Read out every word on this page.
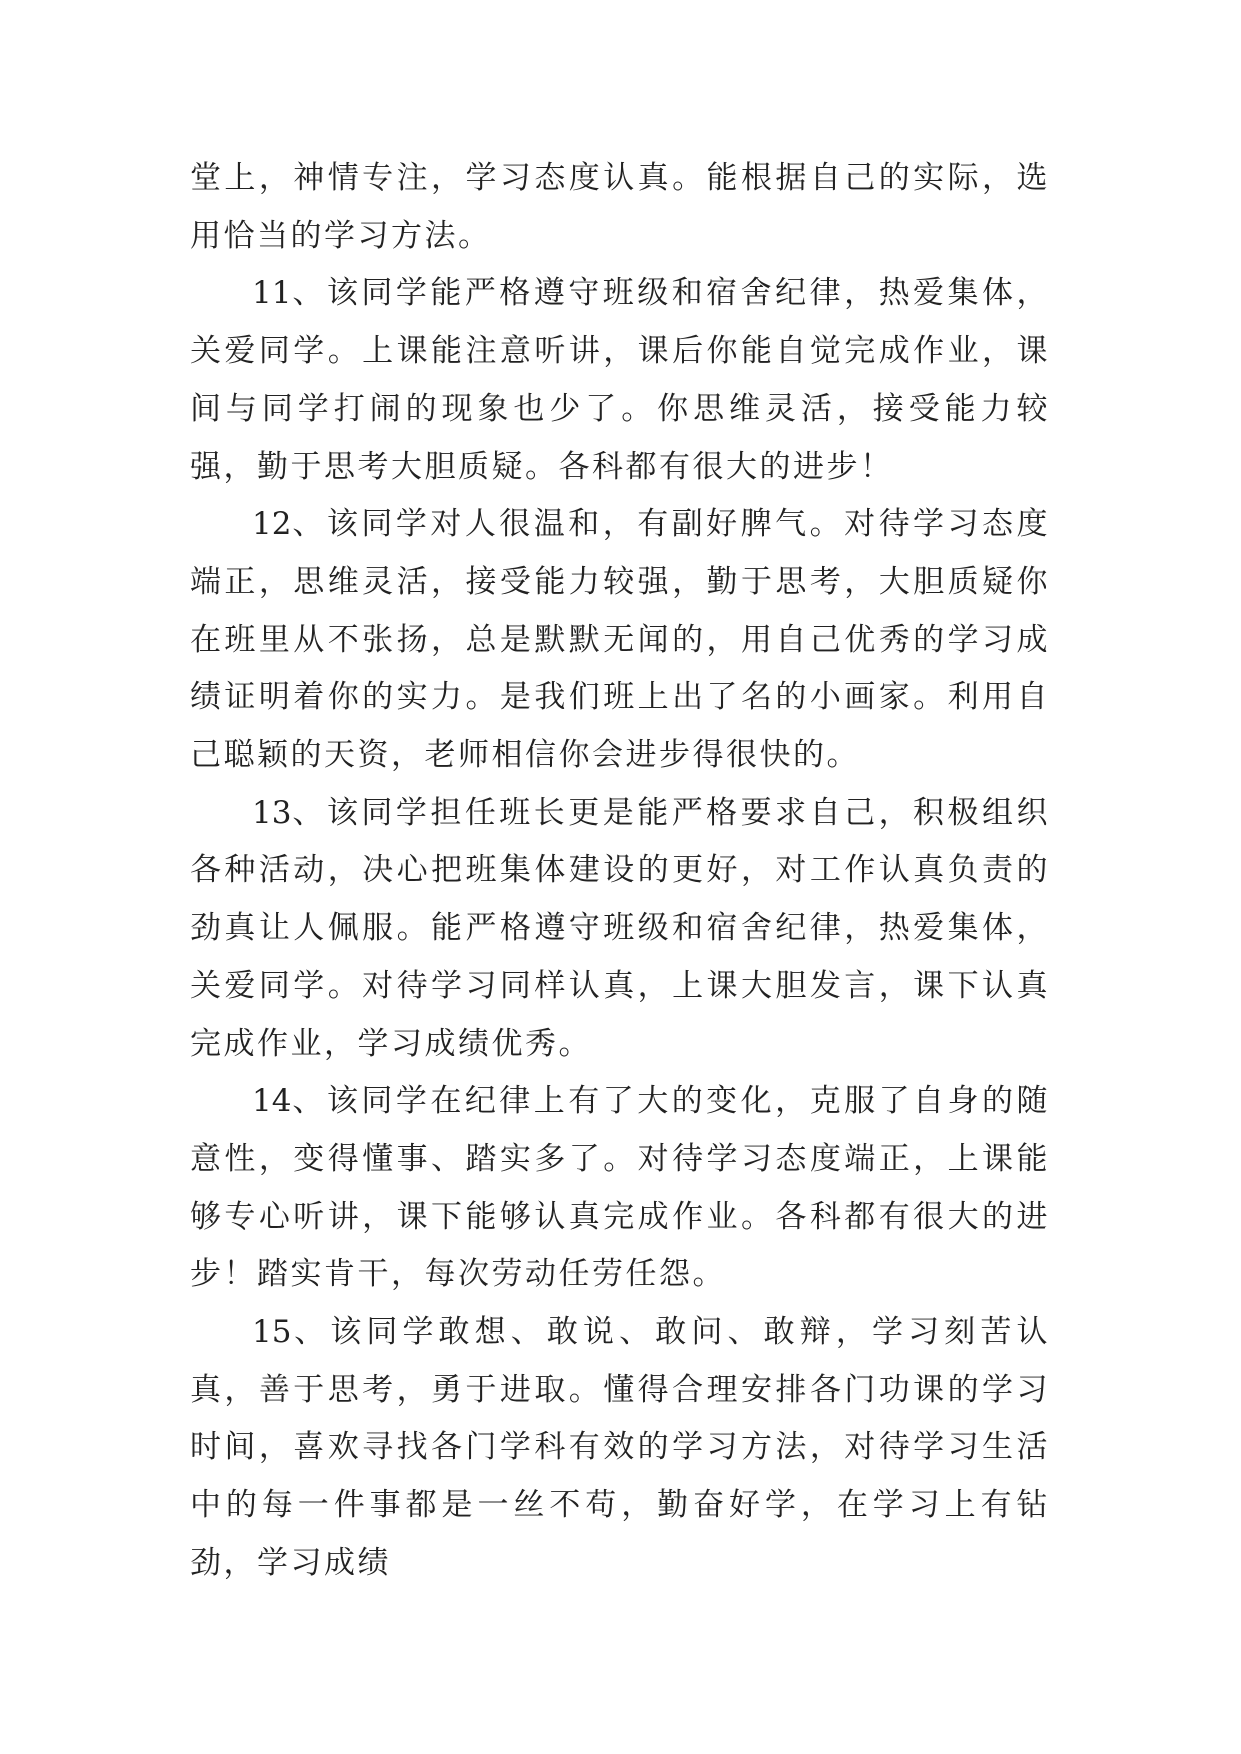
堂上，神情专注，学习态度认真。能根据自己的实际，选用恰当的学习方法。

11、该同学能严格遵守班级和宿舍纪律，热爱集体，关爱同学。上课能注意听讲，课后你能自觉完成作业，课间与同学打闹的现象也少了。你思维灵活，接受能力较强，勤于思考大胆质疑。各科都有很大的进步！

12、该同学对人很温和，有副好脾气。对待学习态度端正，思维灵活，接受能力较强，勤于思考，大胆质疑你在班里从不张扬，总是默默无闻的，用自己优秀的学习成绩证明着你的实力。是我们班上出了名的小画家。利用自己聪颖的天资，老师相信你会进步得很快的。

13、该同学担任班长更是能严格要求自己，积极组织各种活动，决心把班集体建设的更好，对工作认真负责的劲真让人佩服。能严格遵守班级和宿舍纪律，热爱集体，关爱同学。对待学习同样认真，上课大胆发言，课下认真完成作业，学习成绩优秀。

14、该同学在纪律上有了大的变化，克服了自身的随意性，变得懂事、踏实多了。对待学习态度端正，上课能够专心听讲，课下能够认真完成作业。各科都有很大的进步！踏实肯干，每次劳动任劳任怨。

15、该同学敢想、敢说、敢问、敢辩，学习刻苦认真，善于思考，勇于进取。懂得合理安排各门功课的学习时间，喜欢寻找各门学科有效的学习方法，对待学习生活中的每一件事都是一丝不苟，勤奋好学，在学习上有钻劲，学习成绩
